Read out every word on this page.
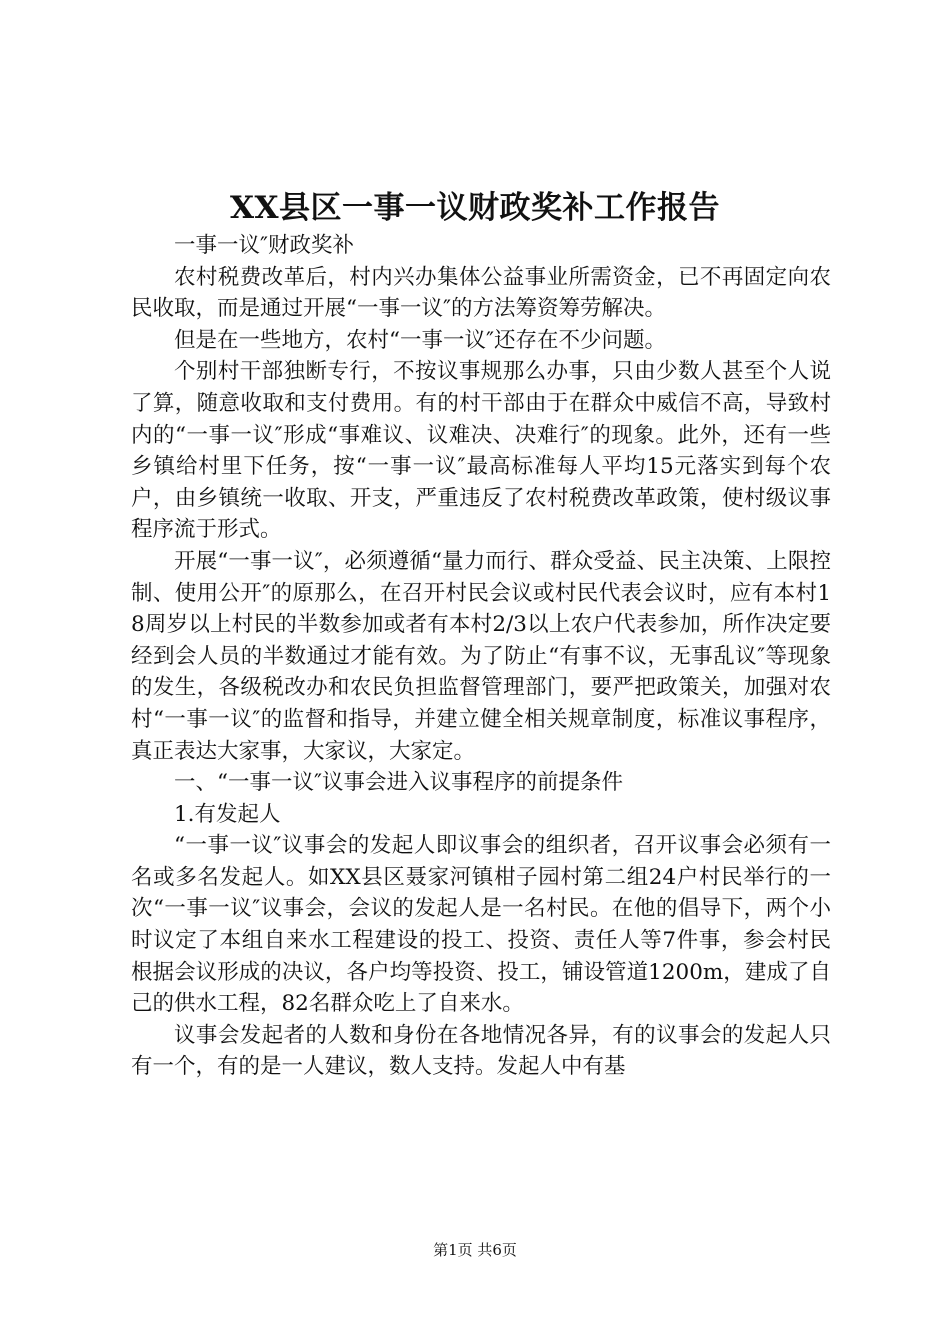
XX县区一事一议财政奖补工作报告

一事一议″财政奖补

农村税费改革后，村内兴办集体公益事业所需资金，已不再固定向农民收取，而是通过开展“一事一议″的方法筹资筹劳解决。

但是在一些地方，农村“一事一议″还存在不少问题。

个别村干部独断专行，不按议事规那么办事，只由少数人甚至个人说了算，随意收取和支付费用。有的村干部由于在群众中威信不高，导致村内的“一事一议″形成“事难议、议难决、决难行″的现象。此外，还有一些乡镇给村里下任务，按“一事一议″最高标准每人平均15元落实到每个农户，由乡镇统一收取、开支，严重违反了农村税费改革政策，使村级议事程序流于形式。

开展“一事一议″，必须遵循“量力而行、群众受益、民主决策、上限控制、使用公开″的原那么，在召开村民会议或村民代表会议时，应有本村18周岁以上村民的半数参加或者有本村2/3以上农户代表参加，所作决定要经到会人员的半数通过才能有效。为了防止“有事不议，无事乱议″等现象的发生，各级税改办和农民负担监督管理部门，要严把政策关，加强对农村“一事一议″的监督和指导，并建立健全相关规章制度，标准议事程序，真正表达大家事，大家议，大家定。

一、“一事一议″议事会进入议事程序的前提条件

1.有发起人

“一事一议″议事会的发起人即议事会的组织者，召开议事会必须有一名或多名发起人。如XX县区聂家河镇柑子园村第二组24户村民举行的一次“一事一议″议事会，会议的发起人是一名村民。在他的倡导下，两个小时议定了本组自来水工程建设的投工、投资、责任人等7件事，参会村民根据会议形成的决议，各户均等投资、投工，铺设管道1200m，建成了自己的供水工程，82名群众吃上了自来水。

议事会发起者的人数和身份在各地情况各异，有的议事会的发起人只有一个，有的是一人建议，数人支持。发起人中有基

第1页 共6页
